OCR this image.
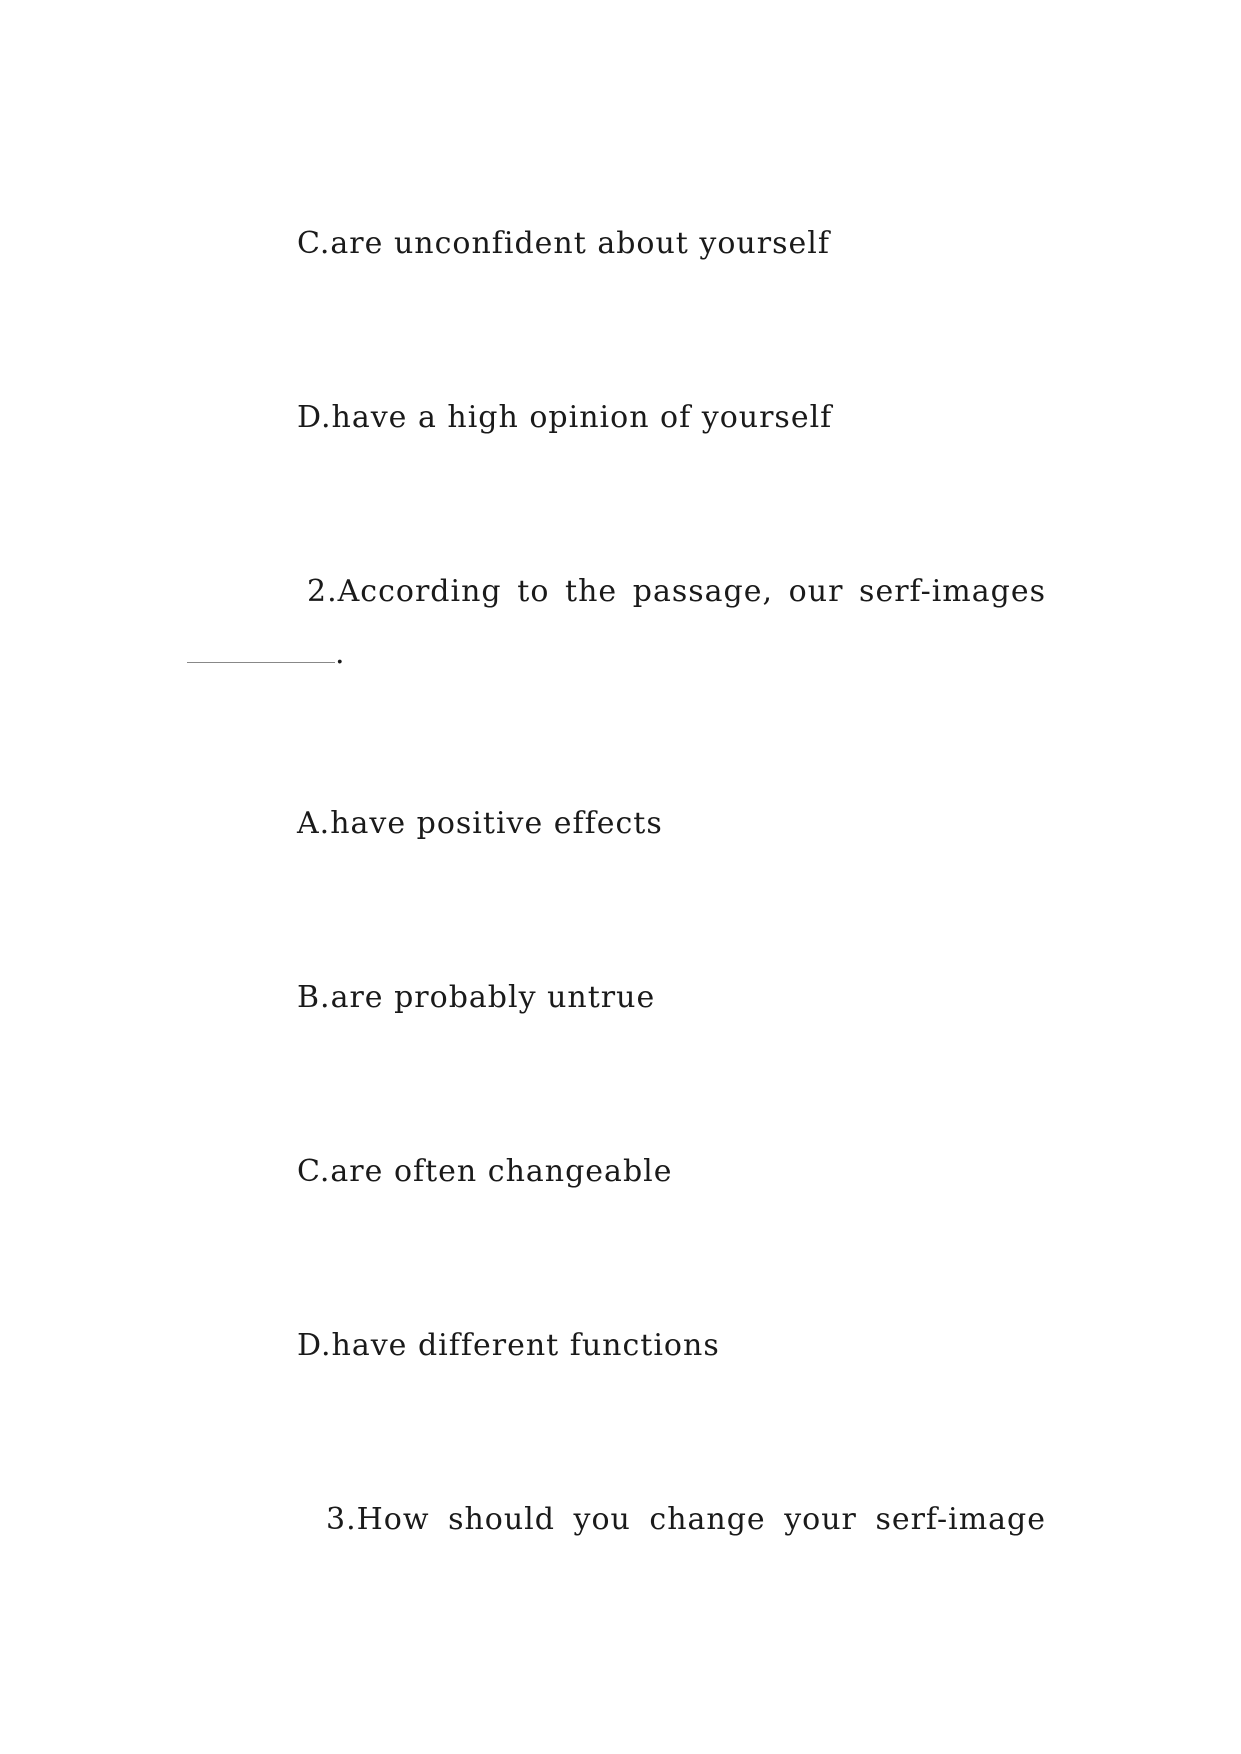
C.are unconfident about yourself

D.have a high opinion of yourself

2.According to the passage, our serf-images

.

A.have positive effects

B.are probably untrue

C.are often changeable

D.have different functions

3.How should you change your serf-image
